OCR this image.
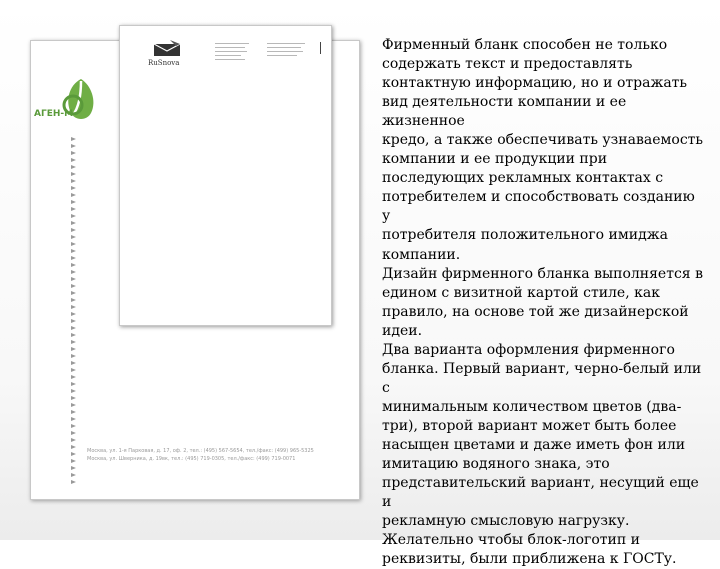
АГЕН-М
Москва, ул. 1-я Парковая, д. 17, оф. 2, тел.: (495) 567-5654, тел./факс: (499) 965-5325
Москва, ул. Шверника, д. 19вк, тел.: (495) 719-0305, тел./факс: (499) 719-0071
RuSnova
Фирменный бланк способен не только
содержать текст и предоставлять
контактную информацию, но и отражать
вид деятельности компании и ее жизненное
кредо, а также обеспечивать узнаваемость
компании и ее продукции при
последующих рекламных контактах с
потребителем и способствовать созданию у
потребителя положительного имиджа
компании.
Дизайн фирменного бланка выполняется в
едином с визитной картой стиле, как
правило, на основе той же дизайнерской
идеи.
Два варианта оформления фирменного
бланка. Первый вариант, черно-белый или с
минимальным количеством цветов (два-
три), второй вариант может быть более
насыщен цветами и даже иметь фон или
имитацию водяного знака, это
представительский вариант, несущий еще и
рекламную смысловую нагрузку.
Желательно чтобы блок-логотип и
реквизиты, были приближена к ГОСТу.
